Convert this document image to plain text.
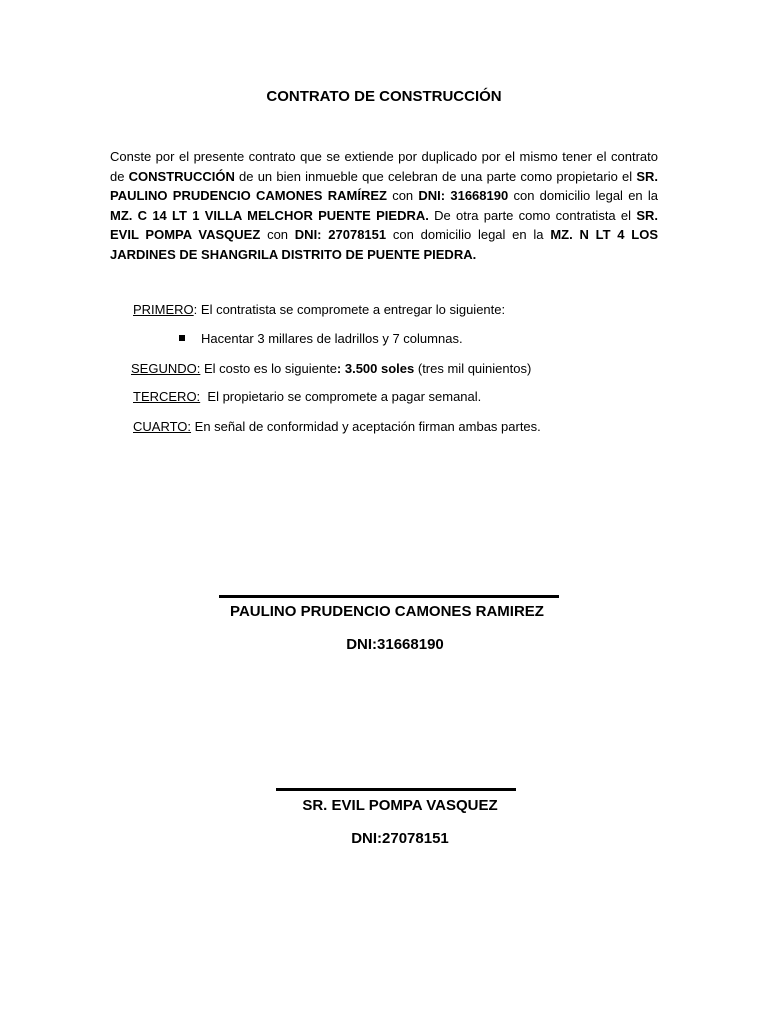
CONTRATO DE CONSTRUCCIÓN

Conste por el presente contrato que se extiende por duplicado por el mismo tener el contrato de CONSTRUCCIÓN de un bien inmueble que celebran de una parte como propietario el SR. PAULINO PRUDENCIO CAMONES RAMÍREZ con DNI: 31668190 con domicilio legal en la MZ. C 14 LT 1 VILLA MELCHOR PUENTE PIEDRA. De otra parte como contratista el SR. EVIL POMPA VASQUEZ con DNI: 27078151 con domicilio legal en la MZ. N LT 4 LOS JARDINES DE SHANGRILA DISTRITO DE PUENTE PIEDRA.

PRIMERO: El contratista se compromete a entregar lo siguiente:
Hacentar 3 millares de ladrillos y 7 columnas.
SEGUNDO: El costo es lo siguiente: 3.500 soles (tres mil quinientos)
TERCERO:  El propietario se compromete a pagar semanal.
CUARTO: En señal de conformidad y aceptación firman ambas partes.
PAULINO PRUDENCIO CAMONES RAMIREZ
DNI:31668190
SR. EVIL POMPA VASQUEZ
DNI:27078151
